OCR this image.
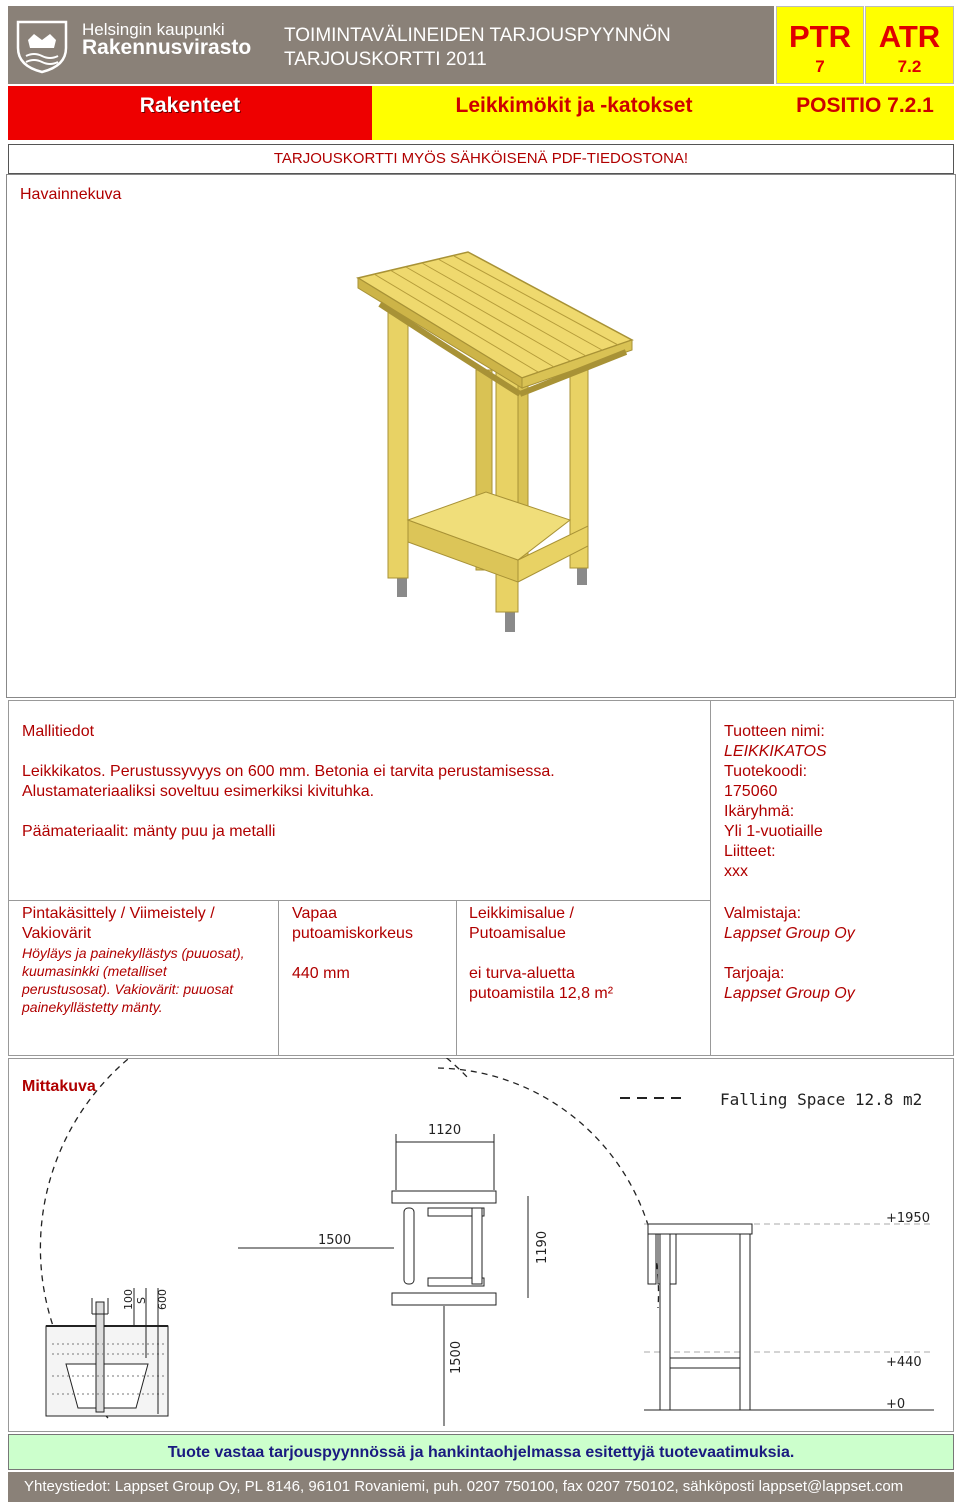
Helsingin kaupunki
Rakennusvirasto
TOIMINTAVÄLINEIDEN TARJOUSPYYNNÖN
TARJOUSKORTTI 2011
PTR
7
ATR
7.2
Rakenteet	Leikkimökit ja -katokset	POSITIO 7.2.1
TARJOUSKORTTI MYÖS SÄHKÖISENÄ PDF-TIEDOSTONA!
Havainnekuva
Mallitiedot
Leikkikatos. Perustussyvyys on 600 mm. Betonia ei tarvita perustamisessa.
Alustamateriaaliksi soveltuu esimerkiksi kivituhka.
Päämateriaalit: mänty puu ja metalli
Tuotteen nimi:
LEIKKIKATOS
Tuotekoodi:
175060
Ikäryhmä:
Yli 1-vuotiaille
Liitteet:
xxx
Pintakäsittely / Viimeistely /
Vakiovärit
Höyläys ja painekyllästys (puuosat),
kuumasinkki (metalliset
perustusosat). Vakiovärit: puuosat
painekyllästetty mänty.
Vapaa
putoamiskorkeus
440 mm
Leikkimisalue /
Putoamisalue
ei turva-aluetta
putoamistila 12,8 m²
Valmistaja:
Lappset Group Oy
Tarjoaja:
Lappset Group Oy
Mittakuva
Falling Space 12.8 m2
1120
1190
1500
1500
100 S 600
+1950
+440
+0
Tuote vastaa tarjouspyynnössä ja hankintaohjelmassa esitettyjä tuotevaatimuksia.
Yhteystiedot: Lappset Group Oy, PL 8146, 96101 Rovaniemi, puh. 0207 750100, fax 0207 750102, sähköposti lappset@lappset.com
